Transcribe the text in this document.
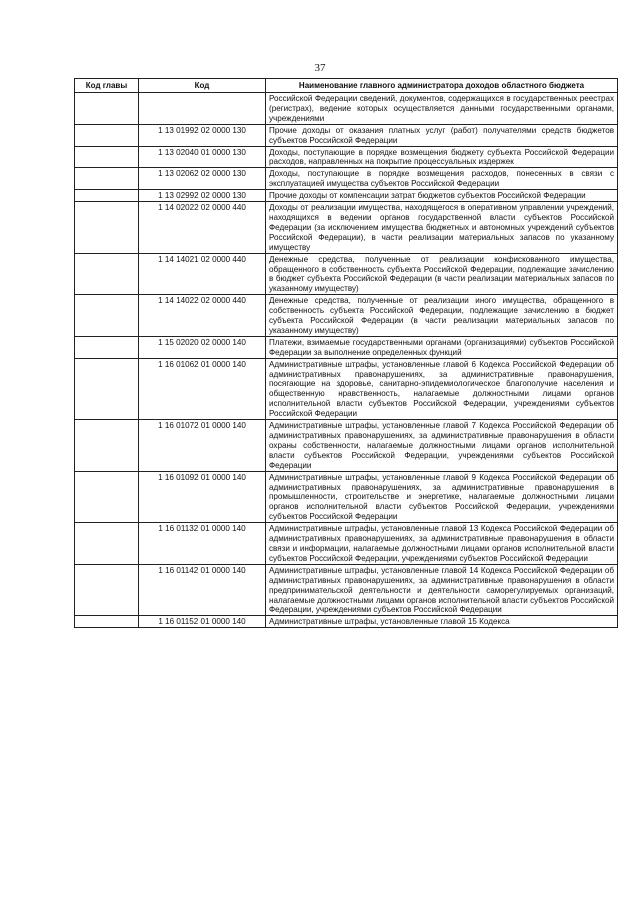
37
Код главы	Код	Наименование главного администратора доходов областного бюджета
		Российской Федерации сведений, документов, содержащихся в государственных реестрах (регистрах), ведение которых осуществляется данными государственными органами, учреждениями
	1 13 01992 02 0000 130	Прочие доходы от оказания платных услуг (работ) получателями средств бюджетов субъектов Российской Федерации
	1 13 02040 01 0000 130	Доходы, поступающие в порядке возмещения бюджету субъекта Российской Федерации расходов, направленных на покрытие процессуальных издержек
	1 13 02062 02 0000 130	Доходы, поступающие в порядке возмещения расходов, понесенных в связи с эксплуатацией имущества субъектов Российской Федерации
	1 13 02992 02 0000 130	Прочие доходы от компенсации затрат бюджетов субъектов Российской Федерации
	1 14 02022 02 0000 440	Доходы от реализации имущества, находящегося в оперативном управлении учреждений, находящихся в ведении органов государственной власти субъектов Российской Федерации (за исключением имущества бюджетных и автономных учреждений субъектов Российской Федерации), в части реализации материальных запасов по указанному имуществу
	1 14 14021 02 0000 440	Денежные средства, полученные от реализации конфискованного имущества, обращенного в собственность субъекта Российской Федерации, подлежащие зачислению в бюджет субъекта Российской Федерации (в части реализации материальных запасов по указанному имуществу)
	1 14 14022 02 0000 440	Денежные средства, полученные от реализации иного имущества, обращенного в собственность субъекта Российской Федерации, подлежащие зачислению в бюджет субъекта Российской Федерации (в части реализации материальных запасов по указанному имуществу)
	1 15 02020 02 0000 140	Платежи, взимаемые государственными органами (организациями) субъектов Российской Федерации за выполнение определенных функций
	1 16 01062 01 0000 140	Административные штрафы, установленные главой 6 Кодекса Российской Федерации об административных правонарушениях, за административные правонарушения, посягающие на здоровье, санитарно-эпидемиологическое благополучие населения и общественную нравственность, налагаемые должностными лицами органов исполнительной власти субъектов Российской Федерации, учреждениями субъектов Российской Федерации
	1 16 01072 01 0000 140	Административные штрафы, установленные главой 7 Кодекса Российской Федерации об административных правонарушениях, за административные правонарушения в области охраны собственности, налагаемые должностными лицами органов исполнительной власти субъектов Российской Федерации, учреждениями субъектов Российской Федерации
	1 16 01092 01 0000 140	Административные штрафы, установленные главой 9 Кодекса Российской Федерации об административных правонарушениях, за административные правонарушения в промышленности, строительстве и энергетике, налагаемые должностными лицами органов исполнительной власти субъектов Российской Федерации, учреждениями субъектов Российской Федерации
	1 16 01132 01 0000 140	Административные штрафы, установленные главой 13 Кодекса Российской Федерации об административных правонарушениях, за административные правонарушения в области связи и информации, налагаемые должностными лицами органов исполнительной власти субъектов Российской Федерации, учреждениями субъектов Российской Федерации
	1 16 01142 01 0000 140	Административные штрафы, установленные главой 14 Кодекса Российской Федерации об административных правонарушениях, за административные правонарушения в области предпринимательской деятельности и деятельности саморегулируемых организаций, налагаемые должностными лицами органов исполнительной власти субъектов Российской Федерации, учреждениями субъектов Российской Федерации
	1 16 01152 01 0000 140	Административные штрафы, установленные главой 15 Кодекса
